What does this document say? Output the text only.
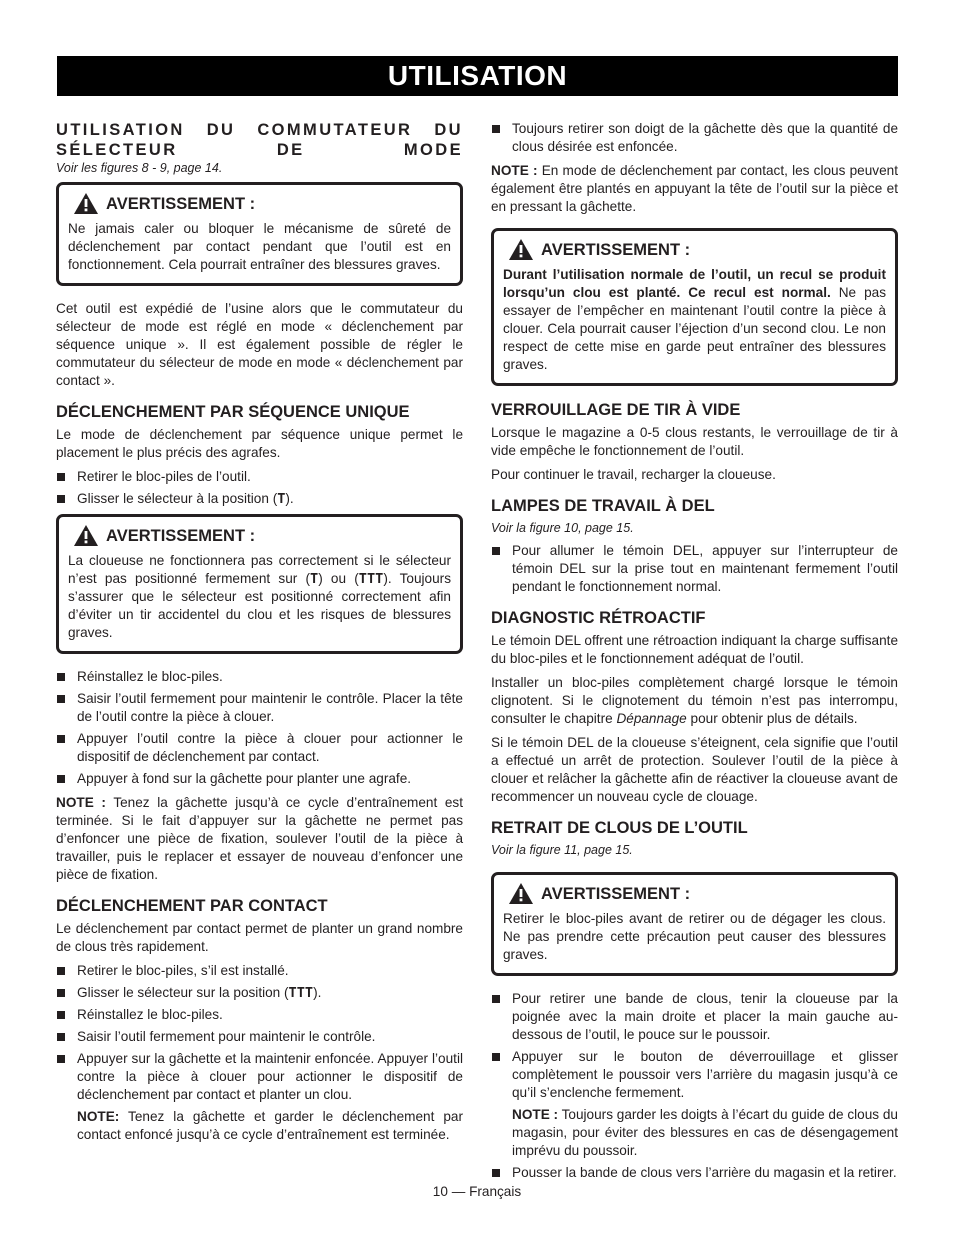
UTILISATION
UTILISATION DU COMMUTATEUR DU SÉLECTEUR DE MODE
Voir les figures 8 - 9, page 14.
AVERTISSEMENT :

Ne jamais caler ou bloquer le mécanisme de sûreté de déclenchement par contact pendant que l’outil est en fonctionnement. Cela pourrait entraîner des blessures graves.

Cet outil est expédié de l’usine alors que le commutateur du sélecteur de mode est réglé en mode « déclenchement par séquence unique ». Il est également possible de régler le commutateur du sélecteur de mode en mode « déclenchement par contact ».

DÉCLENCHEMENT PAR SÉQUENCE UNIQUE

Le mode de déclenchement par séquence unique permet le placement le plus précis des agrafes.

Retirer le bloc-piles de l’outil.
Glisser le sélecteur à la position (T).
AVERTISSEMENT :

La cloueuse ne fonctionnera pas correctement si le sélecteur n’est pas positionné fermement sur (T) ou (TTT). Toujours s’assurer que le sélecteur est positionné correctement afin d’éviter un tir accidentel du clou et les risques de blessures graves.

Réinstallez le bloc-piles.
Saisir l’outil fermement pour maintenir le contrôle. Placer la tête de l’outil contre la pièce à clouer.
Appuyer l’outil contre la pièce à clouer pour actionner le dispositif de déclenchement par contact.
Appuyer à fond sur la gâchette pour planter une agrafe.

NOTE : Tenez la gâchette jusqu’à ce cycle d’entraînement est terminée. Si le fait d’appuyer sur la gâchette ne permet pas d’enfoncer une pièce de fixation, soulever l’outil de la pièce à travailler, puis le replacer et essayer de nouveau d’enfoncer une pièce de fixation.

DÉCLENCHEMENT PAR CONTACT

Le déclenchement par contact permet de planter un grand nombre de clous très rapidement.

Retirer le bloc-piles, s’il est installé.
Glisser le sélecteur sur la position (TTT).
Réinstallez le bloc-piles.
Saisir l’outil fermement pour maintenir le contrôle.
Appuyer sur la gâchette et la maintenir enfoncée. Appuyer l’outil contre la pièce à clouer pour actionner le dispositif de déclenchement par contact et planter un clou.
NOTE: Tenez la gâchette et garder le déclenchement par contact enfoncé jusqu’à ce cycle d’entraînement est terminée.
Toujours retirer son doigt de la gâchette dès que la quantité de clous désirée est enfoncée.

NOTE : En mode de déclenchement par contact, les clous peuvent également être plantés en appuyant la tête de l’outil sur la pièce et en pressant la gâchette.

AVERTISSEMENT :

Durant l’utilisation normale de l’outil, un recul se produit lorsqu’un clou est planté. Ce recul est normal. Ne pas essayer de l’empêcher en maintenant l’outil contre la pièce à clouer. Cela pourrait causer l’éjection d’un second clou. Le non respect de cette mise en garde peut entraîner des blessures graves.

VERROUILLAGE DE TIR À VIDE

Lorsque le magazine a 0-5 clous restants, le verrouillage de tir à vide empêche le fonctionnement de l’outil.

Pour continuer le travail, recharger la cloueuse.

LAMPES DE TRAVAIL À DEL
Voir la figure 10, page 15.
Pour allumer le témoin DEL, appuyer sur l’interrupteur de témoin DEL sur la prise tout en maintenant fermement l’outil pendant le fonctionnement normal.
DIAGNOSTIC RÉTROACTIF

Le témoin DEL offrent une rétroaction indiquant la charge suffisante du bloc-piles et le fonctionnement adéquat de l’outil.

Installer un bloc-piles complètement chargé lorsque le témoin clignotent. Si le clignotement du témoin n’est pas interrompu, consulter le chapitre Dépannage pour obtenir plus de détails.

Si le témoin DEL de la cloueuse s’éteignent, cela signifie que l’outil a effectué un arrêt de protection. Soulever l’outil de la pièce à clouer et relâcher la gâchette afin de réactiver la cloueuse avant de recommencer un nouveau cycle de clouage.

RETRAIT DE CLOUS DE L’OUTIL
Voir la figure 11, page 15.
AVERTISSEMENT :

Retirer le bloc-piles avant de retirer ou de dégager les clous. Ne pas prendre cette précaution peut causer des blessures graves.

Pour retirer une bande de clous, tenir la cloueuse par la poignée avec la main droite et placer la main gauche au-dessous de l’outil, le pouce sur le poussoir.
Appuyer sur le bouton de déverrouillage et glisser complètement le poussoir vers l’arrière du magasin jusqu’à ce qu’il s’enclenche fermement.
NOTE : Toujours garder les doigts à l’écart du guide de clous du magasin, pour éviter des blessures en cas de désengagement imprévu du poussoir.
Pousser la bande de clous vers l’arrière du magasin et la retirer.
10 — Français
